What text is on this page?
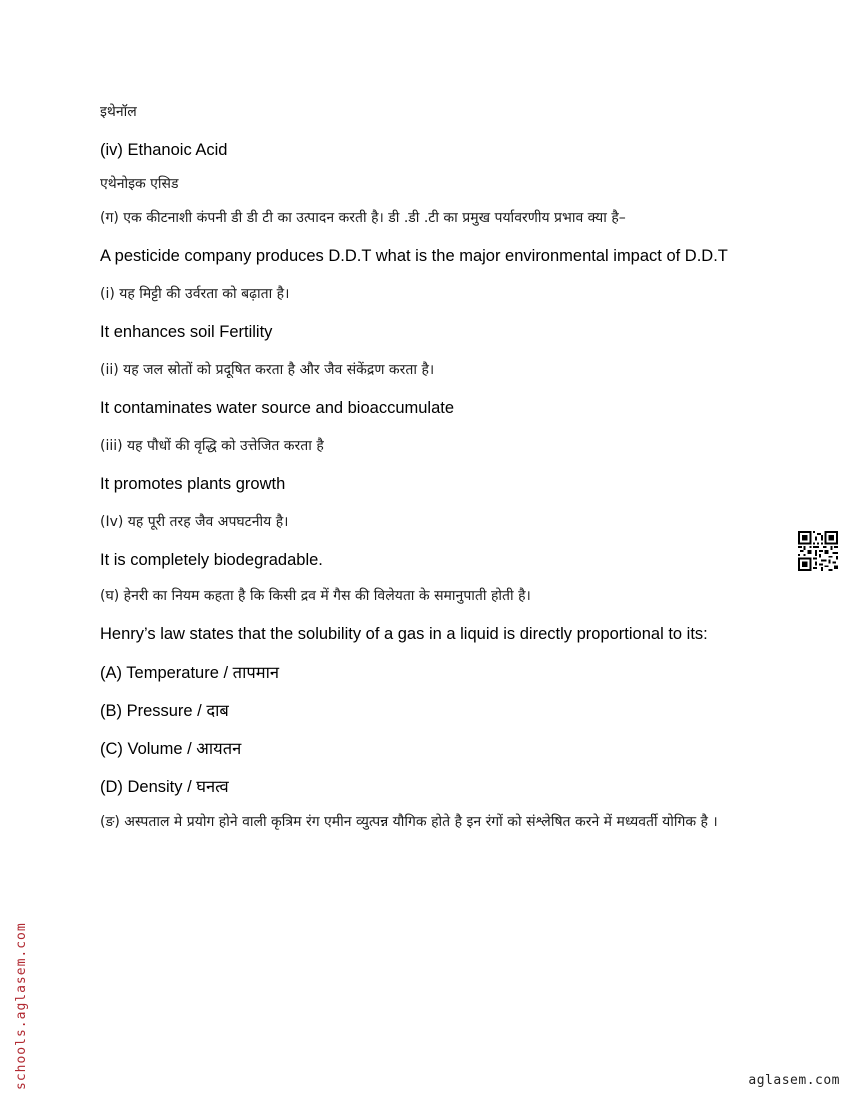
इथेनॉल

(iv) Ethanoic Acid

एथेनोइक एसिड

(ग) एक कीटनाशी कंपनी डी डी टी का उत्पादन करती है। डी .डी .टी का प्रमुख पर्यावरणीय प्रभाव क्या है–

A pesticide company produces D.D.T what is the major environmental impact of D.D.T

(i) यह मिट्टी की उर्वरता को बढ़ाता है।

It enhances soil Fertility

(ii) यह जल स्रोतों को प्रदूषित करता है और जैव संकेंद्रण करता है।

It contaminates water source and bioaccumulate

(iii) यह पौधों की वृद्धि को उत्तेजित करता है

It promotes plants growth

(Iv) यह पूरी तरह जैव अपघटनीय है।

It is completely biodegradable.

(घ) हेनरी का नियम कहता है कि किसी द्रव में गैस की विलेयता के समानुपाती होती है।

Henry’s law states that the solubility of a gas in a liquid is directly proportional to its:

(A) Temperature / तापमान

(B) Pressure / दाब

(C) Volume / आयतन

(D) Density / घनत्व

(ङ) अस्पताल मे प्रयोग होने वाली कृत्रिम रंग एमीन व्युत्पन्न यौगिक होते है इन रंगों को संश्लेषित करने में मध्यवर्ती योगिक है ।

schools.aglasem.com	aglasem.com
